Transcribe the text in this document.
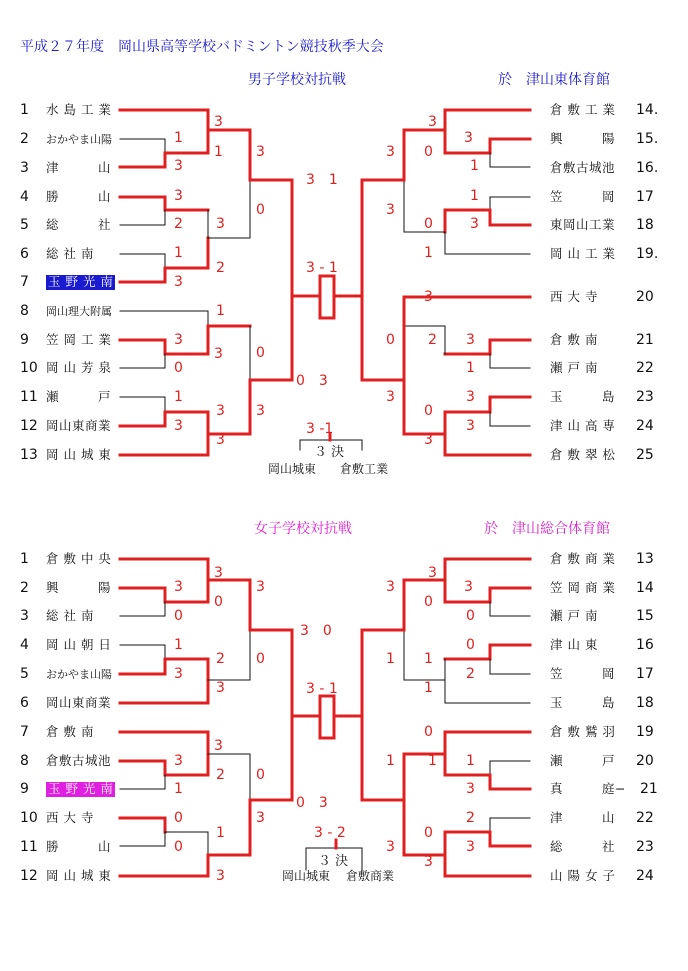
平成２７年度　岡山県高等学校バドミントン競技秋季大会
男子学校対抗戦	於　津山東体育館
女子学校対抗戦	於　津山総合体育館
1 水 島 工 業
2 おかやま山陽
3 津　　　山
4 勝　　　山
5 総　　　社
6 総 社 南
7 玉 野 光 南
8 岡山理大附属
9 笠 岡 工 業
10 岡 山 芳 泉
11 瀬　　　戸
12 岡山東商業
13 岡 山 城 東
倉 敷 工 業 14.
興　　　陽 15.
倉敷古城池 16.
笠　　　岡 17
東岡山工業 18
岡 山 工 業 19.
西 大 寺	20
倉 敷 南	21
瀬 戸 南	22
玉　　　島 23
津 山 高 専 24
倉 敷 翠 松 25
3
1
3
1
3
3
2 3
0
1
2
3
1
3
0
3
0
1
3 3
3
3
3　1
0　3
3 - 1
3
3
3 0
1
1
3
0	3
1
3
0 2 3
1
3	3
0
3
3
3 -1
３ 決
岡山城東 倉敷工業
1 倉 敷 中 央
2 興　　　陽
3 総 社 南
4 岡 山 朝 日
5 おかやま山陽
6 岡山東商業
7 倉 敷 南
8 倉敷古城池
9 玉 野 光 南
10 西 大 寺
11 勝　　　山
12 岡 山 城 東
倉 敷 商 業 13
笠 岡 商 業 14
瀬 戸 南	15
津 山 東	16
笠　　　岡 17
玉　　　島 18
倉 敷 鷲 羽 19
瀬　　　戸 20
真　　　庭− 21
津　　　山 22
総　　　社 23
山 陽 女 子 24
3
3	3
0
0
1
2 0
3
3
3
3
2 0
1
0	3
1
0
3
3　0
0　3
3 - 1
3
3
3
0
0
0
1 1
2
1
0
1 1 1
3
2
0
3	3
3
3 - 2
３ 決
岡山城東 倉敷商業
